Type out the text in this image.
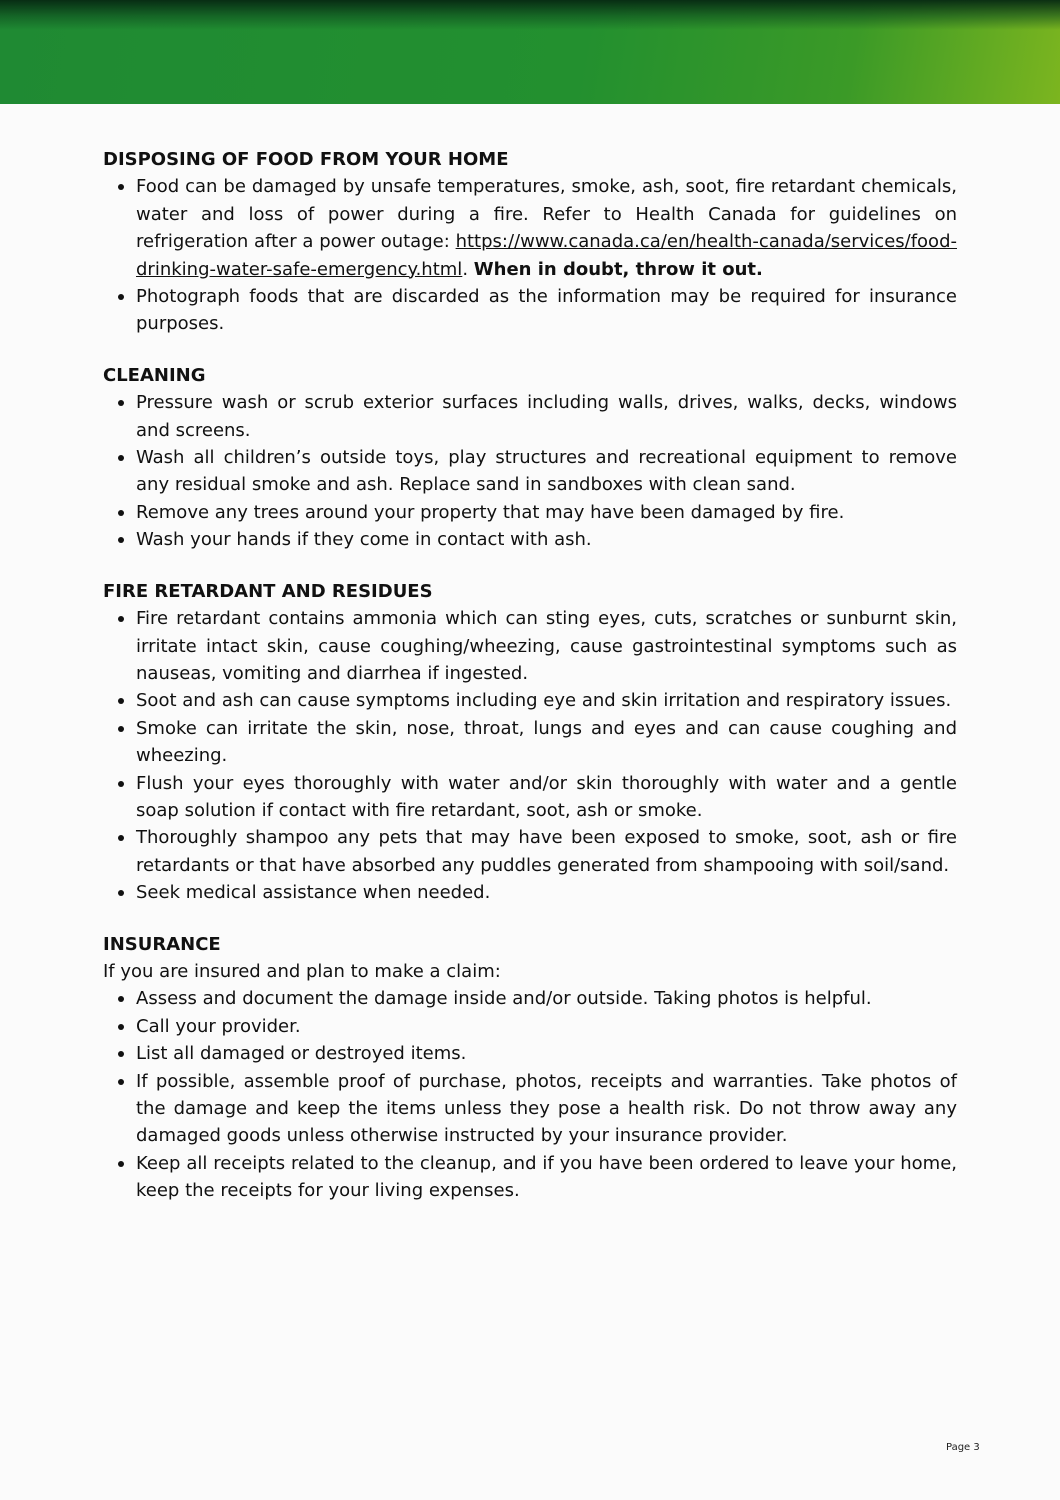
DISPOSING OF FOOD FROM YOUR HOME
Food can be damaged by unsafe temperatures, smoke, ash, soot, fire retardant chemicals, water and loss of power during a fire. Refer to Health Canada for guidelines on refrigeration after a power outage: https://www.canada.ca/en/health-canada/services/food-drinking-water-safe-emergency.html. When in doubt, throw it out.
Photograph foods that are discarded as the information may be required for insurance purposes.
CLEANING
Pressure wash or scrub exterior surfaces including walls, drives, walks, decks, windows and screens.
Wash all children’s outside toys, play structures and recreational equipment to remove any residual smoke and ash. Replace sand in sandboxes with clean sand.
Remove any trees around your property that may have been damaged by fire.
Wash your hands if they come in contact with ash.
FIRE RETARDANT AND RESIDUES
Fire retardant contains ammonia which can sting eyes, cuts, scratches or sunburnt skin, irritate intact skin, cause coughing/wheezing, cause gastrointestinal symptoms such as nauseas, vomiting and diarrhea if ingested.
Soot and ash can cause symptoms including eye and skin irritation and respiratory issues.
Smoke can irritate the skin, nose, throat, lungs and eyes and can cause coughing and wheezing.
Flush your eyes thoroughly with water and/or skin thoroughly with water and a gentle soap solution if contact with fire retardant, soot, ash or smoke.
Thoroughly shampoo any pets that may have been exposed to smoke, soot, ash or fire retardants or that have absorbed any puddles generated from shampooing with soil/sand.
Seek medical assistance when needed.
INSURANCE

If you are insured and plan to make a claim:

Assess and document the damage inside and/or outside. Taking photos is helpful.
Call your provider.
List all damaged or destroyed items.
If possible, assemble proof of purchase, photos, receipts and warranties. Take photos of the damage and keep the items unless they pose a health risk. Do not throw away any damaged goods unless otherwise instructed by your insurance provider.
Keep all receipts related to the cleanup, and if you have been ordered to leave your home, keep the receipts for your living expenses.
Page 3
